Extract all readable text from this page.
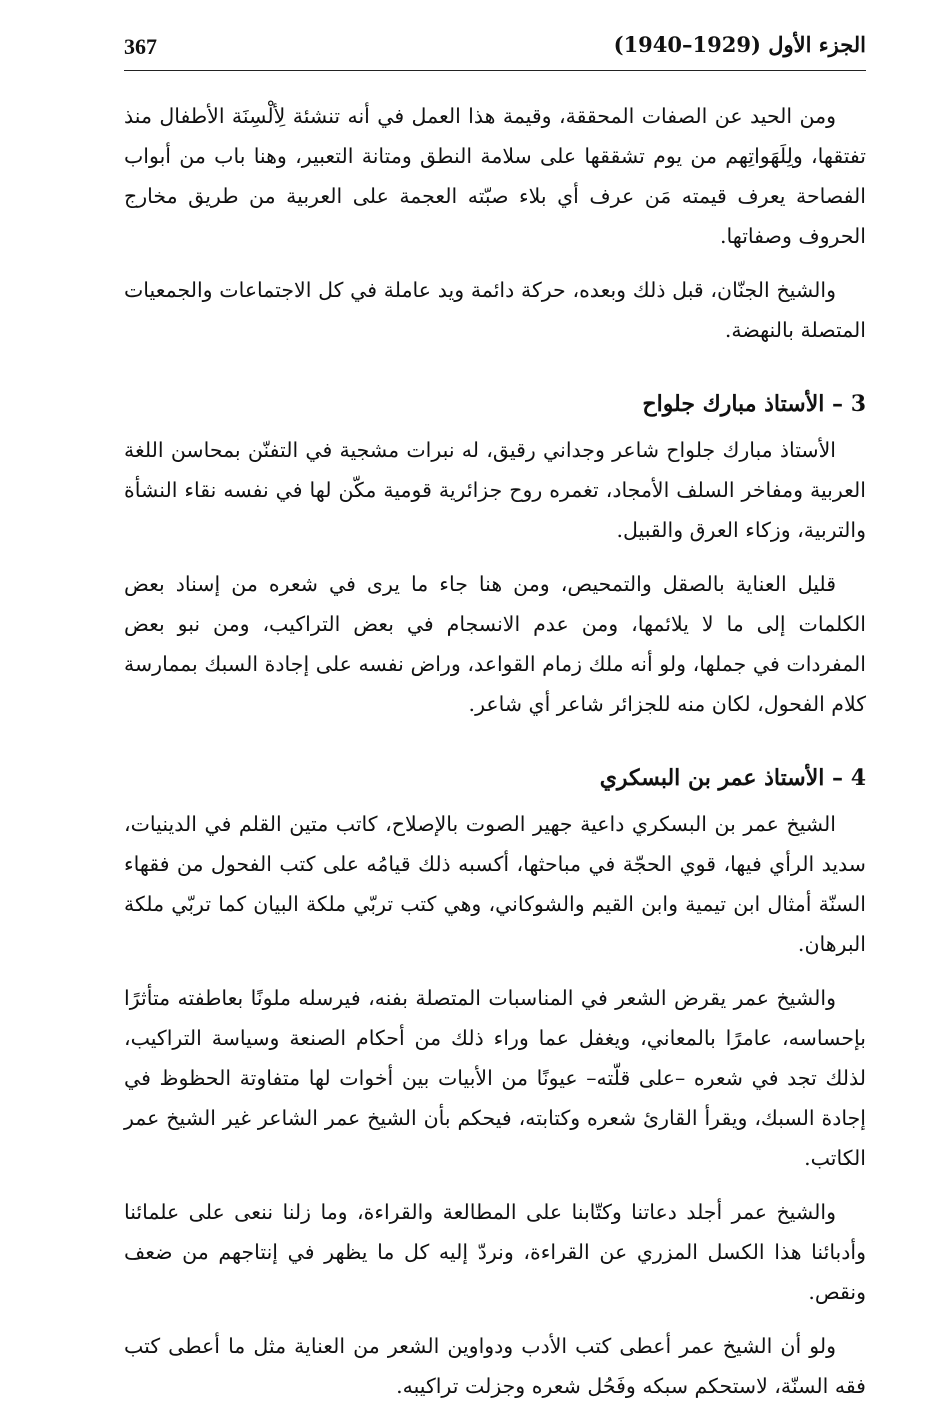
367	الجزء الأول (1929–1940)

ومن الحيد عن الصفات المحققة، وقيمة هذا العمل في أنه تنشئة لِألْسِنَة الأطفال منذ تفتقها، ولِلَهَواتِهم من يوم تشققها على سلامة النطق ومتانة التعبير، وهنا باب من أبواب الفصاحة يعرف قيمته مَن عرف أي بلاء صبّته العجمة على العربية من طريق مخارج الحروف وصفاتها.

والشيخ الجنّان، قبل ذلك وبعده، حركة دائمة ويد عاملة في كل الاجتماعات والجمعيات المتصلة بالنهضة.

3 – الأستاذ مبارك جلواح

الأستاذ مبارك جلواح شاعر وجداني رقيق، له نبرات مشجية في التفنّن بمحاسن اللغة العربية ومفاخر السلف الأمجاد، تغمره روح جزائرية قومية مكّن لها في نفسه نقاء النشأة والتربية، وزكاء العرق والقبيل.

قليل العناية بالصقل والتمحيص، ومن هنا جاء ما يرى في شعره من إسناد بعض الكلمات إلى ما لا يلائمها، ومن عدم الانسجام في بعض التراكيب، ومن نبو بعض المفردات في جملها، ولو أنه ملك زمام القواعد، وراض نفسه على إجادة السبك بممارسة كلام الفحول، لكان منه للجزائر شاعر أي شاعر.

4 – الأستاذ عمر بن البسكري

الشيخ عمر بن البسكري داعية جهير الصوت بالإصلاح، كاتب متين القلم في الدينيات، سديد الرأي فيها، قوي الحجّة في مباحثها، أكسبه ذلك قيامُه على كتب الفحول من فقهاء السنّة أمثال ابن تيمية وابن القيم والشوكاني، وهي كتب تربّي ملكة البيان كما تربّي ملكة البرهان.

والشيخ عمر يقرض الشعر في المناسبات المتصلة بفنه، فيرسله ملونًا بعاطفته متأثرًا بإحساسه، عامرًا بالمعاني، ويغفل عما وراء ذلك من أحكام الصنعة وسياسة التراكيب، لذلك تجد في شعره –على قلّته– عيونًا من الأبيات بين أخوات لها متفاوتة الحظوظ في إجادة السبك، ويقرأ القارئ شعره وكتابته، فيحكم بأن الشيخ عمر الشاعر غير الشيخ عمر الكاتب.

والشيخ عمر أجلد دعاتنا وكتّابنا على المطالعة والقراءة، وما زلنا ننعى على علمائنا وأدبائنا هذا الكسل المزري عن القراءة، ونردّ إليه كل ما يظهر في إنتاجهم من ضعف ونقص.

ولو أن الشيخ عمر أعطى كتب الأدب ودواوين الشعر من العناية مثل ما أعطى كتب فقه السنّة، لاستحكم سبكه وفَحُل شعره وجزلت تراكيبه.
